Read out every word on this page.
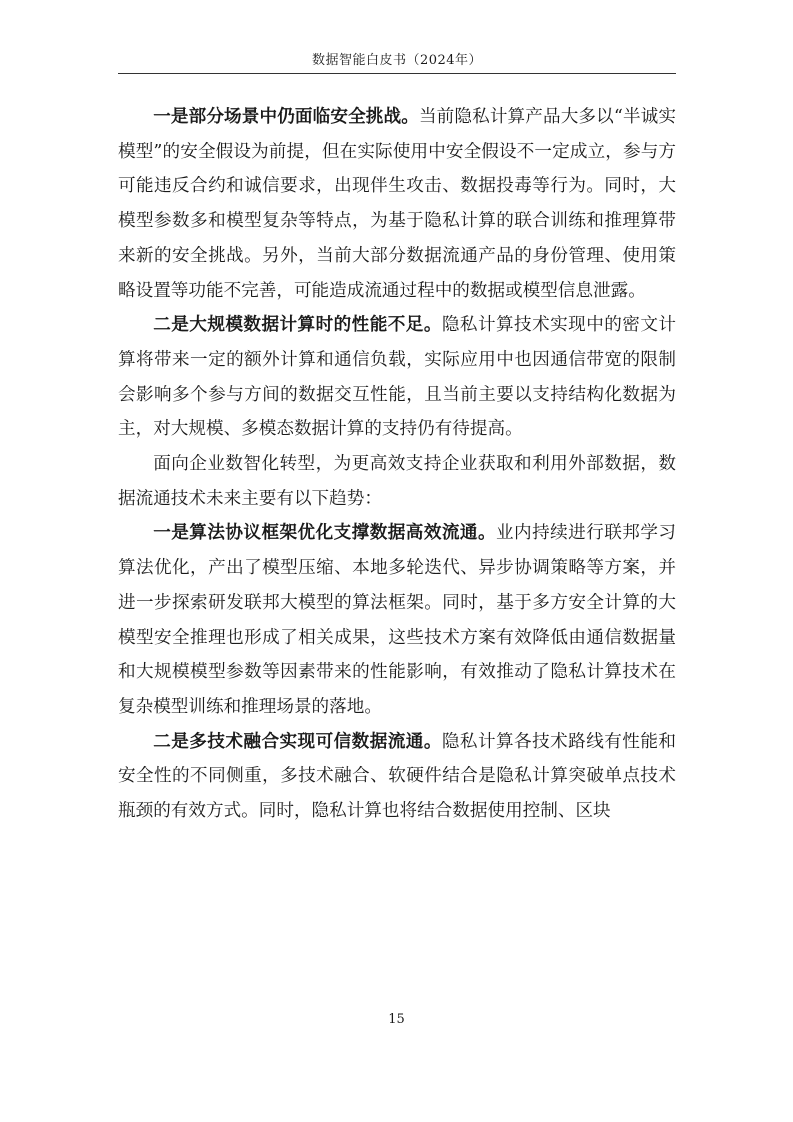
数据智能白皮书（2024年）

一是部分场景中仍面临安全挑战。当前隐私计算产品大多以“半诚实模型”的安全假设为前提，但在实际使用中安全假设不一定成立，参与方可能违反合约和诚信要求，出现伴生攻击、数据投毒等行为。同时，大模型参数多和模型复杂等特点，为基于隐私计算的联合训练和推理算带来新的安全挑战。另外，当前大部分数据流通产品的身份管理、使用策略设置等功能不完善，可能造成流通过程中的数据或模型信息泄露。

二是大规模数据计算时的性能不足。隐私计算技术实现中的密文计算将带来一定的额外计算和通信负载，实际应用中也因通信带宽的限制会影响多个参与方间的数据交互性能，且当前主要以支持结构化数据为主，对大规模、多模态数据计算的支持仍有待提高。

面向企业数智化转型，为更高效支持企业获取和利用外部数据，数据流通技术未来主要有以下趋势：

一是算法协议框架优化支撑数据高效流通。业内持续进行联邦学习算法优化，产出了模型压缩、本地多轮迭代、异步协调策略等方案，并进一步探索研发联邦大模型的算法框架。同时，基于多方安全计算的大模型安全推理也形成了相关成果，这些技术方案有效降低由通信数据量和大规模模型参数等因素带来的性能影响，有效推动了隐私计算技术在复杂模型训练和推理场景的落地。

二是多技术融合实现可信数据流通。隐私计算各技术路线有性能和安全性的不同侧重，多技术融合、软硬件结合是隐私计算突破单点技术瓶颈的有效方式。同时，隐私计算也将结合数据使用控制、区块

15
